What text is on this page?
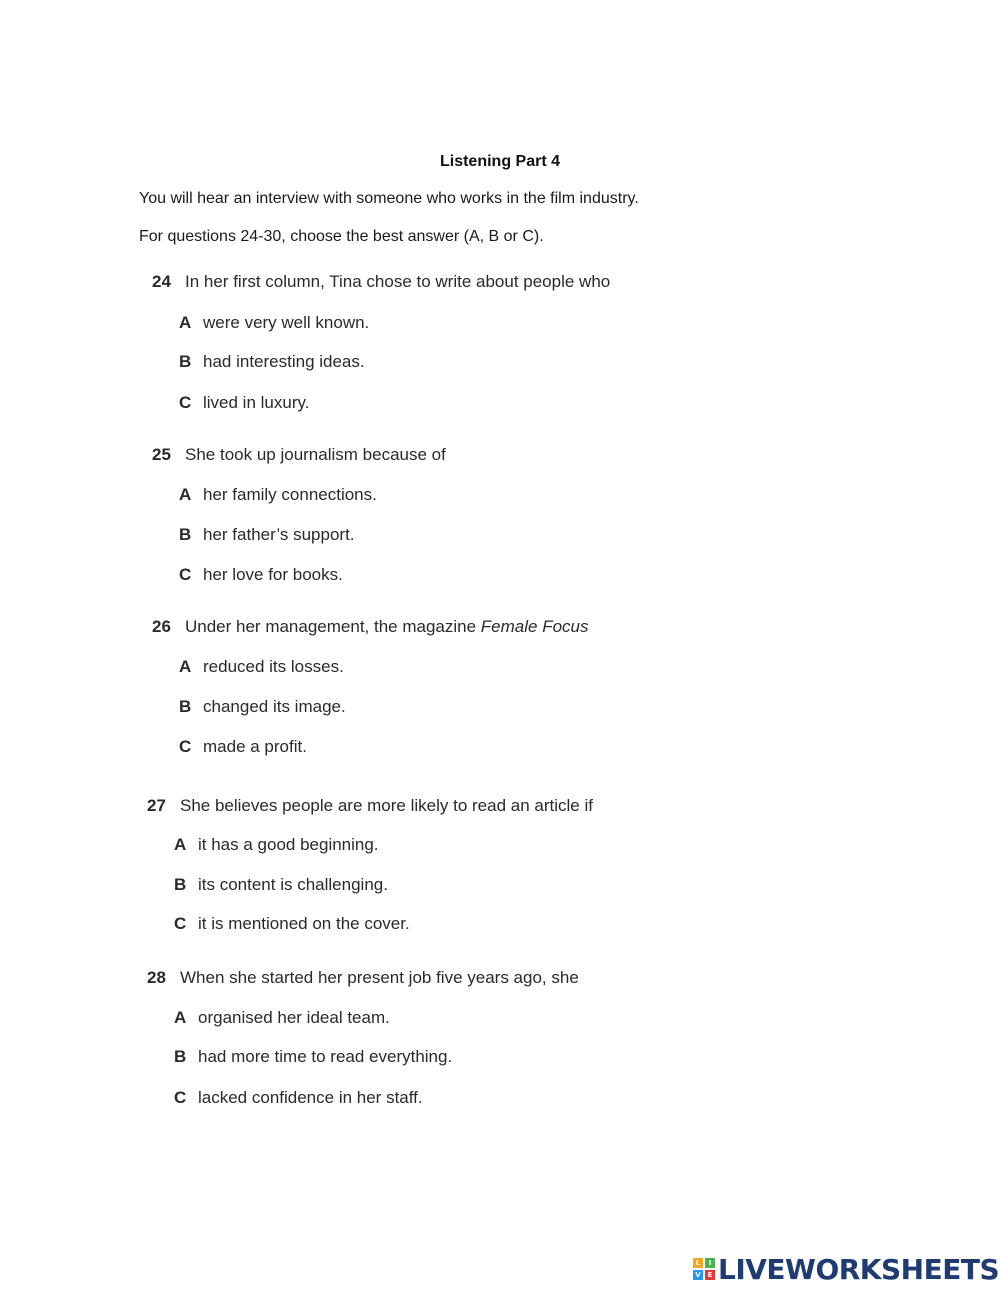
Listening Part 4
You will hear an interview with someone who works in the film industry.
For questions 24-30, choose the best answer (A, B or C).
24 In her first column, Tina chose to write about people who
A were very well known.
B had interesting ideas.
C lived in luxury.
25 She took up journalism because of
A her family connections.
B her father’s support.
C her love for books.
26 Under her management, the magazine Female Focus
A reduced its losses.
B changed its image.
C made a profit.
27 She believes people are more likely to read an article if
A it has a good beginning.
B its content is challenging.
C it is mentioned on the cover.
28 When she started her present job five years ago, she
A organised her ideal team.
B had more time to read everything.
C lacked confidence in her staff.
L	I
V E LIVEWORKSHEETS
